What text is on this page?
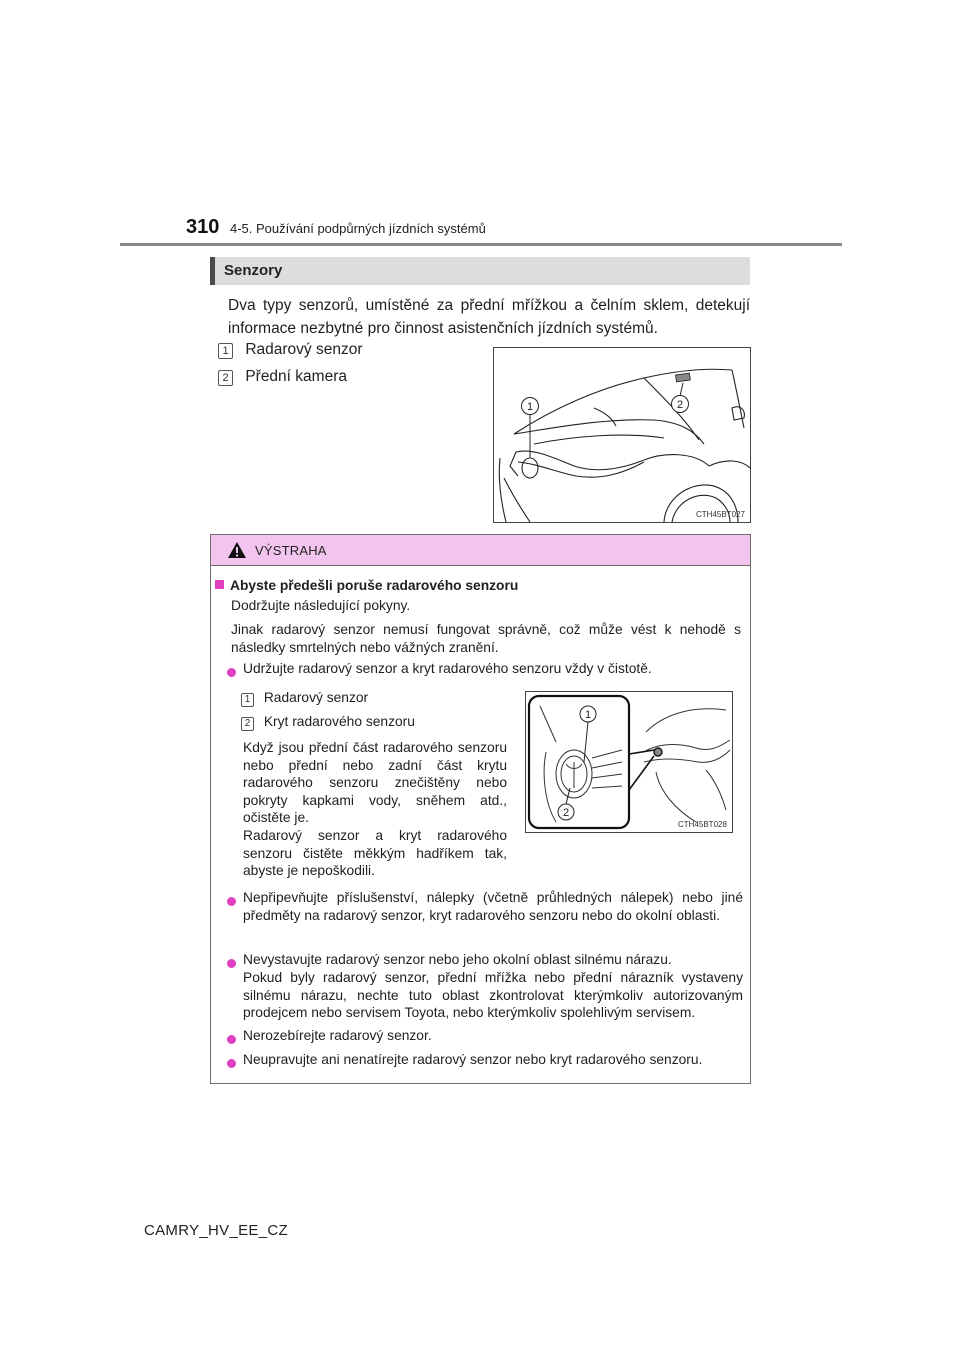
310 4-5. Používání podpůrných jízdních systémů
Senzory
Dva typy senzorů, umístěné za přední mřížkou a čelním sklem, detekují informace nezbytné pro činnost asistenčních jízdních systémů.
1 Radarový senzor
2 Přední kamera
1	2
CTH45BT027
VÝSTRAHA
Abyste předešli poruše radarového senzoru
Dodržujte následující pokyny.
Jinak radarový senzor nemusí fungovat správně, což může vést k nehodě s následky smrtelných nebo vážných zranění.
Udržujte radarový senzor a kryt radarového senzoru vždy v čistotě.
1 Radarový senzor
2 Kryt radarového senzoru
Když jsou přední část radarového senzoru nebo přední nebo zadní část krytu radarového senzoru znečištěny nebo pokryty kapkami vody, sněhem atd., očistěte je.
Radarový senzor a kryt radarového senzoru čistěte měkkým hadříkem tak, abyste je nepoškodili.
1
2
CTH45BT028
Nepřipevňujte příslušenství, nálepky (včetně průhledných nálepek) nebo jiné předměty na radarový senzor, kryt radarového senzoru nebo do okolní oblasti.
Nevystavujte radarový senzor nebo jeho okolní oblast silnému nárazu.
Pokud byly radarový senzor, přední mřížka nebo přední nárazník vystaveny silnému nárazu, nechte tuto oblast zkontrolovat kterýmkoliv autorizovaným prodejcem nebo servisem Toyota, nebo kterýmkoliv spolehlivým servisem.
Nerozebírejte radarový senzor.
Neupravujte ani nenatírejte radarový senzor nebo kryt radarového senzoru.
CAMRY_HV_EE_CZ
